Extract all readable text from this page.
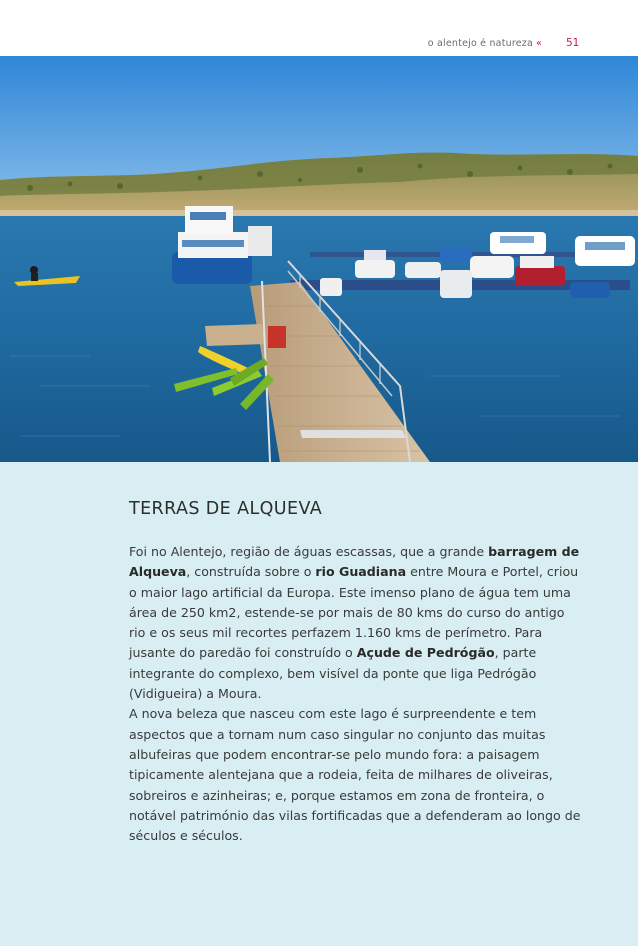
o alentejo é natureza « 51
TERRAS DE ALQUEVA

Foi no Alentejo, região de águas escassas, que a grande barragem de Alqueva, construída sobre o rio Guadiana entre Moura e Portel, criou o maior lago artificial da Europa. Este imenso plano de água tem uma área de 250 km2, estende-se por mais de 80 kms do curso do antigo rio e os seus mil recortes perfazem 1.160 kms de perímetro. Para jusante do paredão foi construído o Açude de Pedrógão, parte integrante do complexo, bem visível da ponte que liga Pedrógão (Vidigueira) a Moura.

A nova beleza que nasceu com este lago é surpreendente e tem aspectos que a tornam num caso singular no conjunto das muitas albufeiras que podem encontrar-se pelo mundo fora: a paisagem tipicamente alentejana que a rodeia, feita de milhares de oliveiras, sobreiros e azinheiras; e, porque estamos em zona de fronteira, o notável património das vilas fortificadas que a defenderam ao longo de séculos e séculos.
